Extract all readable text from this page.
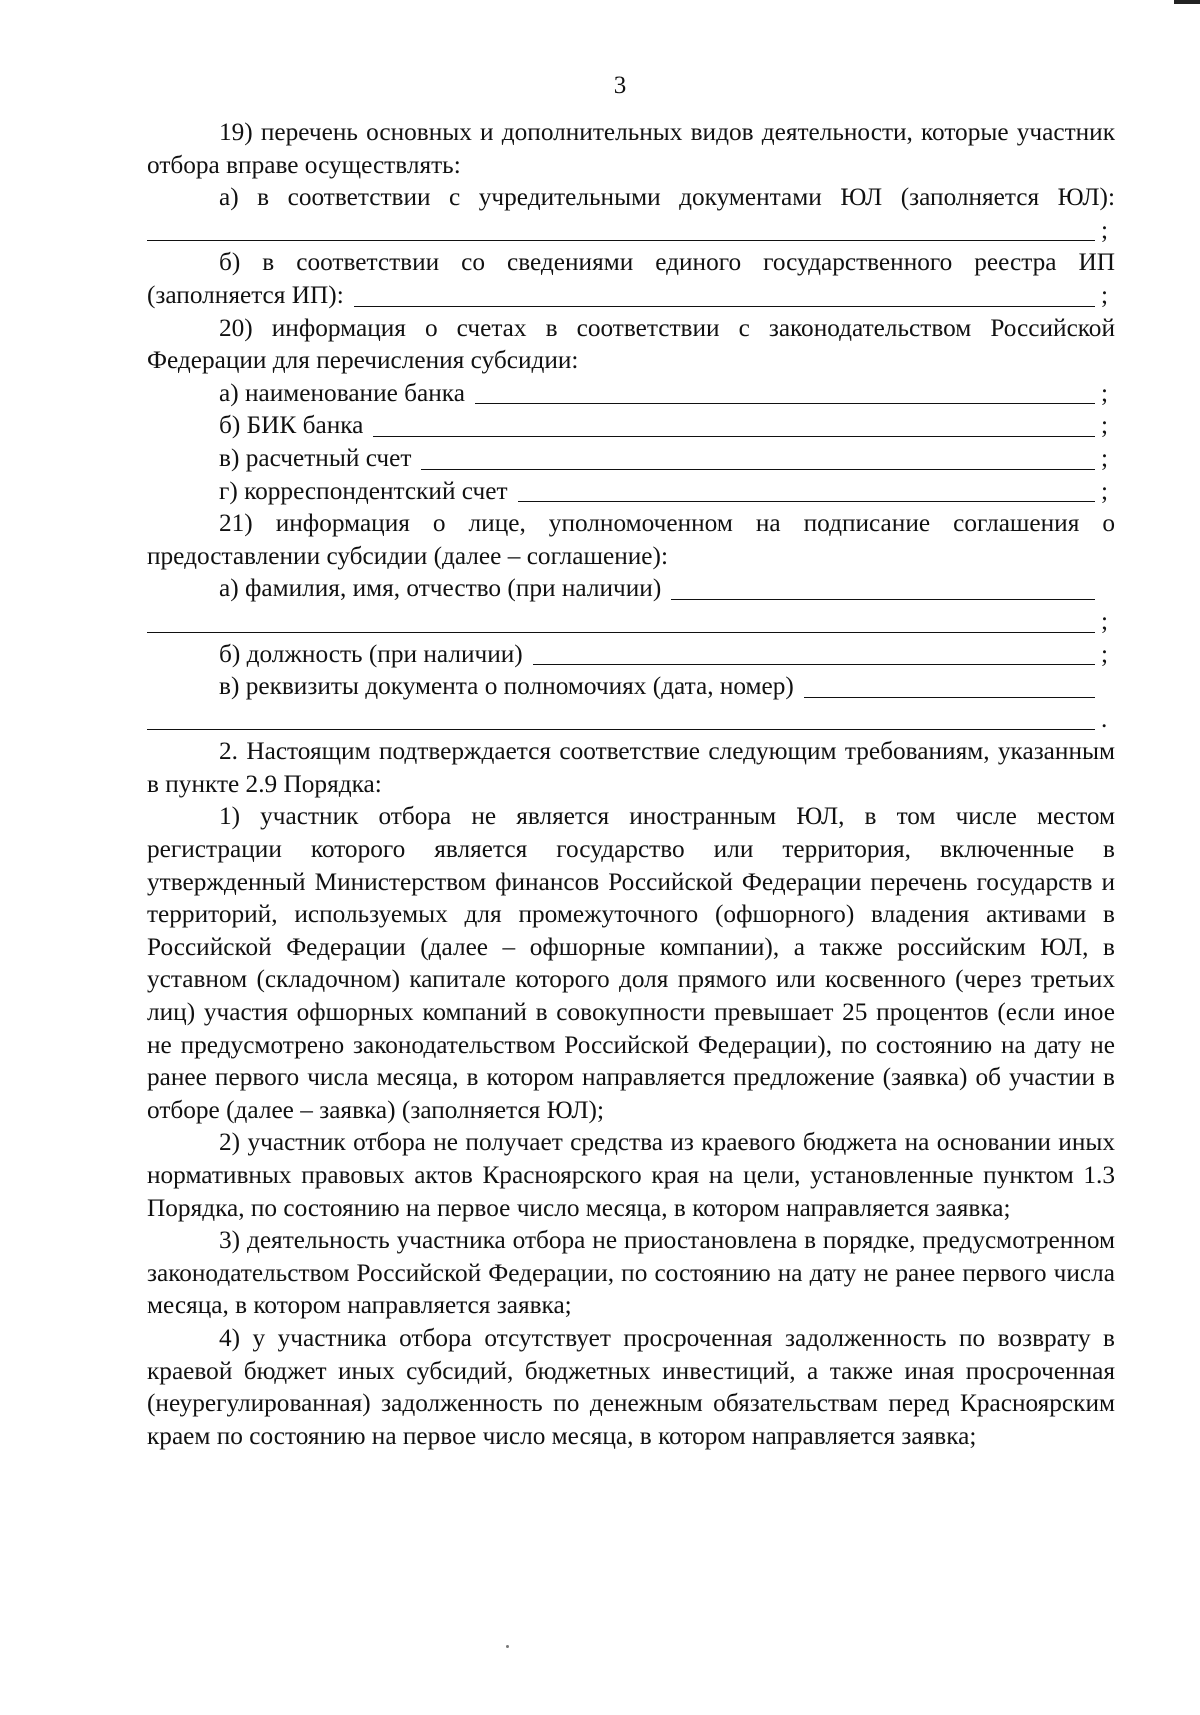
3

19) перечень основных и дополнительных видов деятельности, которые участник отбора вправе осуществлять:

а) в соответствии с учредительными документами ЮЛ (заполняется ЮЛ):

;

б) в соответствии со сведениями единого государственного реестра ИП

(заполняется ИП):	;

20) информация о счетах в соответствии с законодательством Российской Федерации для перечисления субсидии:

а) наименование банка	;
б) БИК банка	;
в) расчетный счет	;
г) корреспондентский счет	;

21) информация о лице, уполномоченном на подписание соглашения о предоставлении субсидии (далее – соглашение):

а) фамилия, имя, отчество (при наличии)
;
б) должность (при наличии)	;
в) реквизиты документа о полномочиях (дата, номер)
.

2. Настоящим подтверждается соответствие следующим требованиям, указанным в пункте 2.9 Порядка:

1) участник отбора не является иностранным ЮЛ, в том числе местом регистрации которого является государство или территория, включенные в утвержденный Министерством финансов Российской Федерации перечень государств и территорий, используемых для промежуточного (офшорного) владения активами в Российской Федерации (далее – офшорные компании), а также российским ЮЛ, в уставном (складочном) капитале которого доля прямого или косвенного (через третьих лиц) участия офшорных компаний в совокупности превышает 25 процентов (если иное не предусмотрено законодательством Российской Федерации), по состоянию на дату не ранее первого числа месяца, в котором направляется предложение (заявка) об участии в отборе (далее – заявка) (заполняется ЮЛ);

2) участник отбора не получает средства из краевого бюджета на основании иных нормативных правовых актов Красноярского края на цели, установленные пунктом 1.3 Порядка, по состоянию на первое число месяца, в котором направляется заявка;

3) деятельность участника отбора не приостановлена в порядке, предусмотренном законодательством Российской Федерации, по состоянию на дату не ранее первого числа месяца, в котором направляется заявка;

4) у участника отбора отсутствует просроченная задолженность по возврату в краевой бюджет иных субсидий, бюджетных инвестиций, а также иная просроченная (неурегулированная) задолженность по денежным обязательствам перед Красноярским краем по состоянию на первое число месяца, в котором направляется заявка;
